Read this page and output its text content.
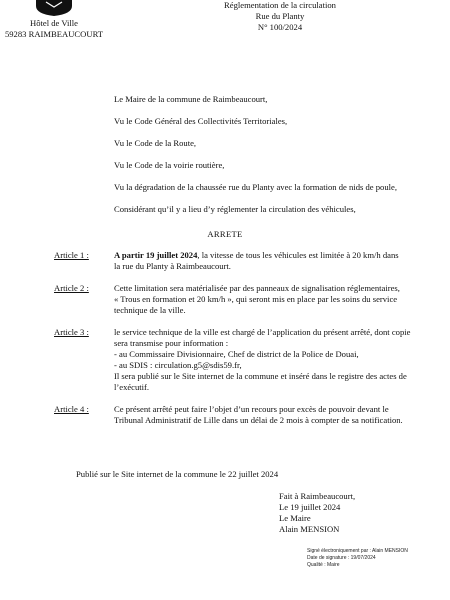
Hôtel de Ville
59283 RAIMBEAUCOURT
Réglementation de la circulation
Rue du Planty
N° 100/2024
Le Maire de la commune de Raimbeaucourt,
Vu le Code Général des Collectivités Territoriales,
Vu le Code de la Route,
Vu le Code de la voirie routière,
Vu la dégradation de la chaussée rue du Planty avec la formation de nids de poule,
Considérant qu’il y a lieu d’y réglementer la circulation des véhicules,
ARRETE
Article 1 :	A partir 19 juillet 2024, la vitesse de tous les véhicules est limitée à 20 km/h dans
la rue du Planty à Raimbeaucourt.
Article 2 :	Cette limitation sera matérialisée par des panneaux de signalisation réglementaires,
« Trous en formation et 20 km/h », qui seront mis en place par les soins du service
technique de la ville.
Article 3 :	le service technique de la ville est chargé de l’application du présent arrêté, dont copie
sera transmise pour information :
- au Commissaire Divisionnaire, Chef de district de la Police de Douai,
- au SDIS : circulation.g5@sdis59.fr,
Il sera publié sur le Site internet de la commune et inséré dans le registre des actes de
l’exécutif.
Article 4 :	Ce présent arrêté peut faire l’objet d’un recours pour excès de pouvoir devant le
Tribunal Administratif de Lille dans un délai de 2 mois à compter de sa notification.
Publié sur le Site internet de la commune le 22 juillet 2024
Fait à Raimbeaucourt,
Le 19 juillet 2024
Le Maire
Alain MENSION
Signé électroniquement par : Alain MENSION
Date de signature : 19/07/2024
Qualité : Maire
